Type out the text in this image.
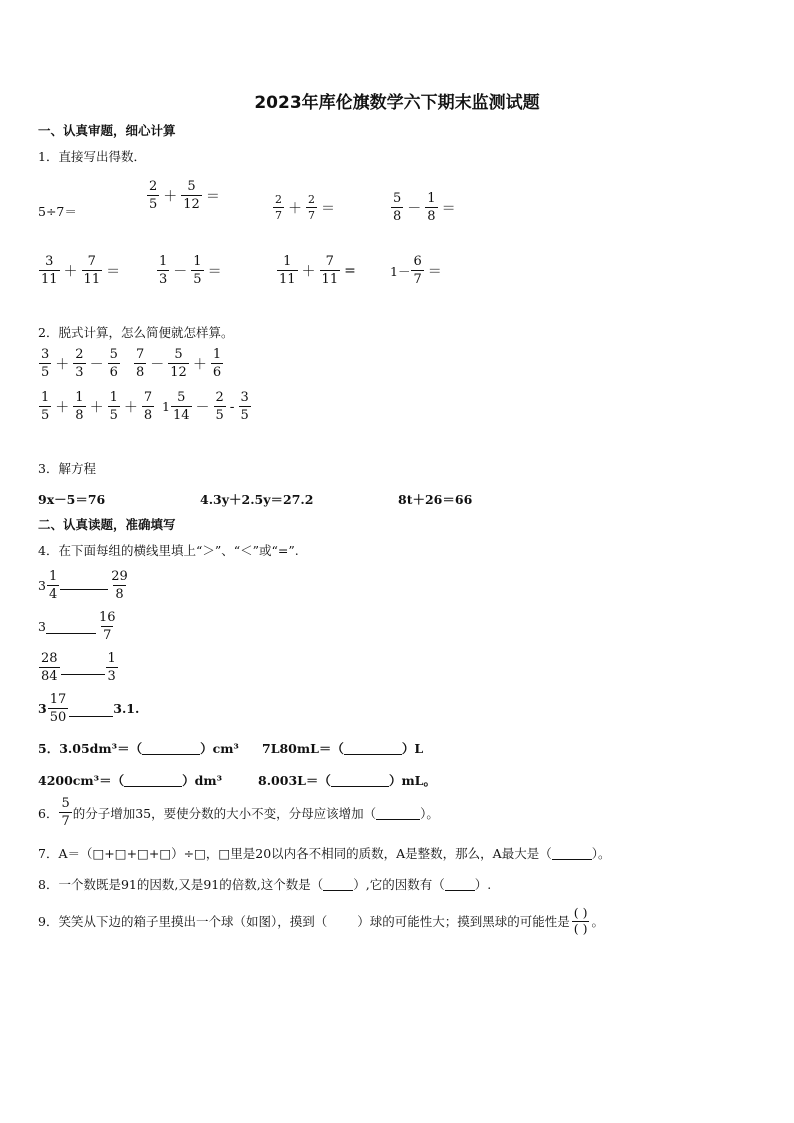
2023年库伦旗数学六下期末监测试题
一、认真审题，细心计算
1．直接写出得数．
5÷7＝
$\frac{2}{5} + \frac{5}{12}$ ＝	$\frac{2}{7} + \frac{2}{7}$ ＝	$\frac{5}{8} - \frac{1}{8}$ ＝
$\frac{3}{11} + \frac{7}{11}$ ＝	$\frac{1}{3} - \frac{1}{5}$ ＝	$\frac{1}{11} + \frac{7}{11}$ =	$1- \frac{6}{7}$ ＝
2．脱式计算，怎么简便就怎样算。
$\frac{3}{5} + \frac{2}{3} - \frac{5}{6} \frac{7}{8} - \frac{5}{12} + \frac{1}{6}$
$\frac{1}{5} + \frac{1}{8} + \frac{1}{5} + \frac{7}{8} 1 \frac{5}{14} - \frac{2}{5} - \frac{3}{5}$
3．解方程
9x－5＝76	4.3y＋2.5y＝27.2	8t＋26＝66
二、认真读题，准确填写
4．在下面每组的横线里填上“＞”、“＜”或“=”.
$3 \frac{1}{4}$	$\frac{29}{8}$
3	$\frac{16}{7}$
$\frac{28}{84}$	$\frac{1}{3}$
$3 \frac{17}{50}$	3.1.
5．3.05dm³＝（	）cm³ 7L80mL＝（	）L
4200cm³＝（	）dm³	8.003L＝（	）mL。
6． $\frac{5}{7}$ 的分子增加35，要使分数的大小不变，分母应该增加（	）。
7．A＝（□+□+□+□）÷□，□里是20以内各不相同的质数，A是整数，那么，A最大是（	）。
8．一个数既是91的因数,又是91的倍数,这个数是（ ）,它的因数有（ ）.
9．笑笑从下边的箱子里摸出一个球（如图），摸到（ ）球的可能性大；摸到黑球的可能性是 $\frac{( )}{( )}$ 。
